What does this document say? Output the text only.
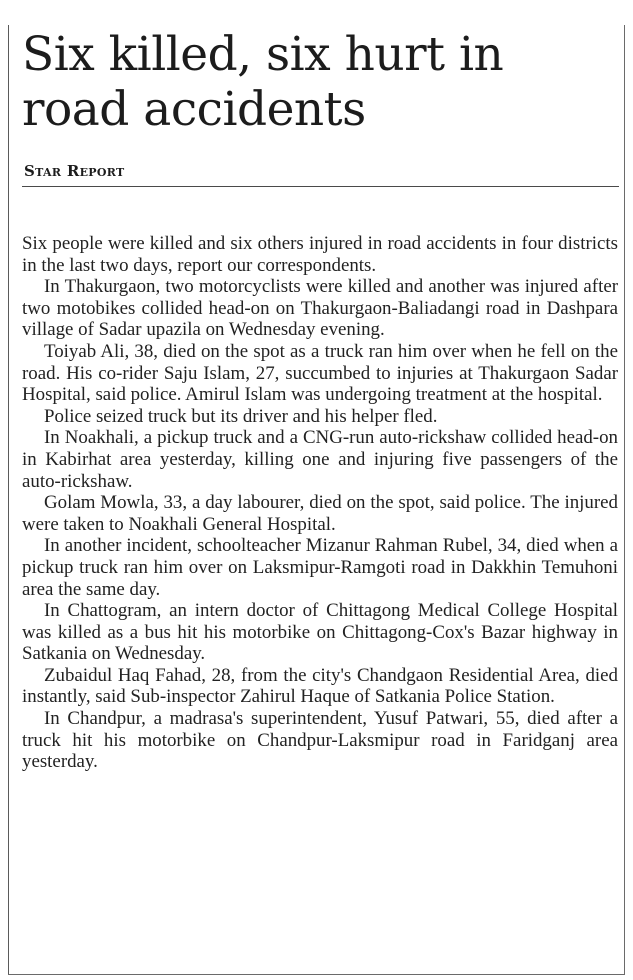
Six killed, six hurt in road accidents
Star Report

Six people were killed and six others injured in road accidents in four districts in the last two days, report our correspondents.

In Thakurgaon, two motorcyclists were killed and another was injured after two motobikes collided head-on on Thakurgaon-Baliadangi road in Dashpara village of Sadar upazila on Wednesday evening.

Toiyab Ali, 38, died on the spot as a truck ran him over when he fell on the road. His co-rider Saju Islam, 27, succumbed to injuries at Thakurgaon Sadar Hospital, said police. Amirul Islam was undergoing treatment at the hospital.

Police seized truck but its driver and his helper fled.

In Noakhali, a pickup truck and a CNG-run auto-rickshaw collided head-on in Kabirhat area yesterday, killing one and injuring five passengers of the auto-rickshaw.

Golam Mowla, 33, a day labourer, died on the spot, said police. The injured were taken to Noakhali General Hospital.

In another incident, schoolteacher Mizanur Rahman Rubel, 34, died when a pickup truck ran him over on Laksmipur-Ramgoti road in Dakkhin Temuhoni area the same day.

In Chattogram, an intern doctor of Chittagong Medical College Hospital was killed as a bus hit his motorbike on Chittagong-Cox's Bazar highway in Satkania on Wednesday.

Zubaidul Haq Fahad, 28, from the city's Chandgaon Residential Area, died instantly, said Sub-inspector Zahirul Haque of Satkania Police Station.

In Chandpur, a madrasa's superintendent, Yusuf Patwari, 55, died after a truck hit his motorbike on Chandpur-Laksmipur road in Faridganj area yesterday.
